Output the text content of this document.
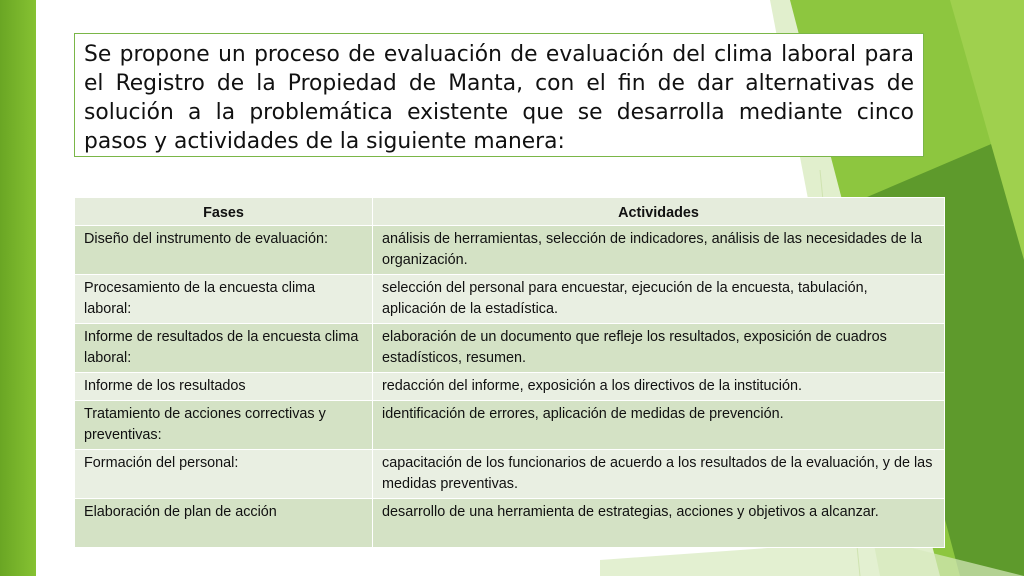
Se propone un proceso de evaluación de evaluación del clima laboral para el Registro de la Propiedad de Manta, con el fin de dar alternativas de solución a la problemática existente que se desarrolla mediante cinco pasos y actividades de la siguiente manera:

Fases	Actividades
Diseño del instrumento de evaluación:	análisis de herramientas, selección de indicadores, análisis de las necesidades de la organización.
Procesamiento de la encuesta clima laboral:	selección del personal para encuestar, ejecución de la encuesta, tabulación, aplicación de la estadística.
Informe de resultados de la encuesta clima laboral:	elaboración de un documento que refleje los resultados, exposición de cuadros estadísticos, resumen.
Informe de los resultados	redacción del informe, exposición a los directivos de la institución.
Tratamiento de acciones correctivas y preventivas:	identificación de errores, aplicación de medidas de prevención.
Formación del personal:	capacitación de los funcionarios de acuerdo a los resultados de la evaluación, y de las medidas preventivas.
Elaboración de plan de acción	desarrollo de una herramienta de estrategias, acciones y objetivos a alcanzar.
